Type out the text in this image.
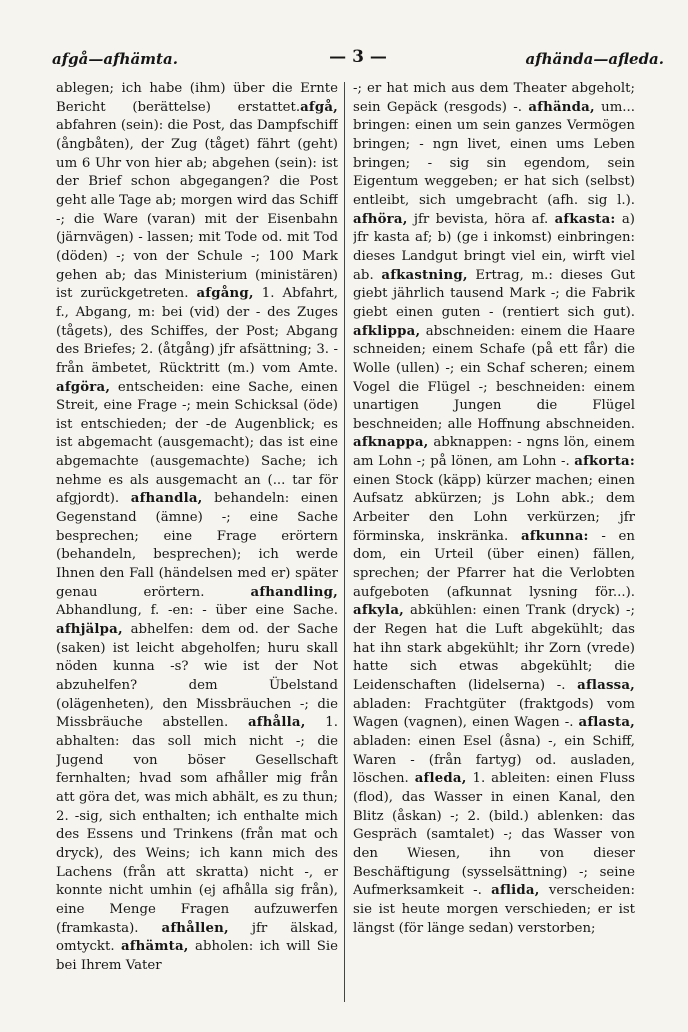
afgå—afhämta.	— 3 —	afhända—afleda.

ablegen; ich habe (ihm) über die Ernte Bericht (berättelse) erstattet.afgå, abfahren (sein): die Post, das Dampfschiff (ångbåten), der Zug (tåget) fährt (geht) um 6 Uhr von hier ab; abgehen (sein): ist der Brief schon abgegangen? die Post geht alle Tage ab; morgen wird das Schiff -; die Ware (varan) mit der Eisenbahn (järnvägen) - lassen; mit Tode od. mit Tod (döden) -; von der Schule -; 100 Mark gehen ab; das Ministerium (ministären) ist zurückgetreten. afgång, 1. Abfahrt, f., Abgang, m: bei (vid) der - des Zuges (tågets), des Schiffes, der Post; Abgang des Briefes; 2. (åtgång) jfr afsättning; 3. - från ämbetet, Rücktritt (m.) vom Amte. afgöra, entscheiden: eine Sache, einen Streit, eine Frage -; mein Schicksal (öde) ist entschieden; der -de Augenblick; es ist abgemacht (ausgemacht); das ist eine abgemachte (ausgemachte) Sache; ich nehme es als ausgemacht an (... tar för afgjordt). afhandla, behandeln: einen Gegenstand (ämne) -; eine Sache besprechen; eine Frage erörtern (behandeln, besprechen); ich werde Ihnen den Fall (händelsen med er) später genau erörtern. afhandling, Abhandlung, f. -en: - über eine Sache. afhjälpa, abhelfen: dem od. der Sache (saken) ist leicht abgeholfen; huru skall nöden kunna -s? wie ist der Not abzuhelfen? dem Übelstand (olägenheten), den Missbräuchen -; die Missbräuche abstellen. afhålla, 1. abhalten: das soll mich nicht -; die Jugend von böser Gesellschaft fernhalten; hvad som afhåller mig från att göra det, was mich abhält, es zu thun; 2. -sig, sich enthalten; ich enthalte mich des Essens und Trinkens (från mat och dryck), des Weins; ich kann mich des Lachens (från att skratta) nicht -, er konnte nicht umhin (ej afhålla sig från), eine Menge Fragen aufzuwerfen (framkasta). afhållen, jfr älskad, omtyckt. afhämta, abholen: ich will Sie bei Ihrem Vater

-; er hat mich aus dem Theater abgeholt; sein Gepäck (resgods) -. afhända, um... bringen: einen um sein ganzes Vermögen bringen; - ngn livet, einen ums Leben bringen; - sig sin egendom, sein Eigentum weggeben; er hat sich (selbst) entleibt, sich umgebracht (afh. sig l.). afhöra, jfr bevista, höra af. afkasta: a) jfr kasta af; b) (ge i inkomst) einbringen: dieses Landgut bringt viel ein, wirft viel ab. afkastning, Ertrag, m.: dieses Gut giebt jährlich tausend Mark -; die Fabrik giebt einen guten - (rentiert sich gut). afklippa, abschneiden: einem die Haare schneiden; einem Schafe (på ett får) die Wolle (ullen) -; ein Schaf scheren; einem Vogel die Flügel -; beschneiden: einem unartigen Jungen die Flügel beschneiden; alle Hoffnung abschneiden. afknappa, abknappen: - ngns lön, einem am Lohn -; på lönen, am Lohn -. afkorta: einen Stock (käpp) kürzer machen; einen Aufsatz abkürzen; js Lohn abk.; dem Arbeiter den Lohn verkürzen; jfr förminska, inskränka. afkunna: - en dom, ein Urteil (über einen) fällen, sprechen; der Pfarrer hat die Verlobten aufgeboten (afkunnat lysning för...). afkyla, abkühlen: einen Trank (dryck) -; der Regen hat die Luft abgekühlt; das hat ihn stark abgekühlt; ihr Zorn (vrede) hatte sich etwas abgekühlt; die Leidenschaften (lidelserna) -. aflassa, abladen: Frachtgüter (fraktgods) vom Wagen (vagnen), einen Wagen -. aflasta, abladen: einen Esel (åsna) -, ein Schiff, Waren - (från fartyg) od. ausladen, löschen. afleda, 1. ableiten: einen Fluss (flod), das Wasser in einen Kanal, den Blitz (åskan) -; 2. (bild.) ablenken: das Gespräch (samtalet) -; das Wasser von den Wiesen, ihn von dieser Beschäftigung (sysselsättning) -; seine Aufmerksamkeit -. aflida, verscheiden: sie ist heute morgen verschieden; er ist längst (för länge sedan) verstorben;
